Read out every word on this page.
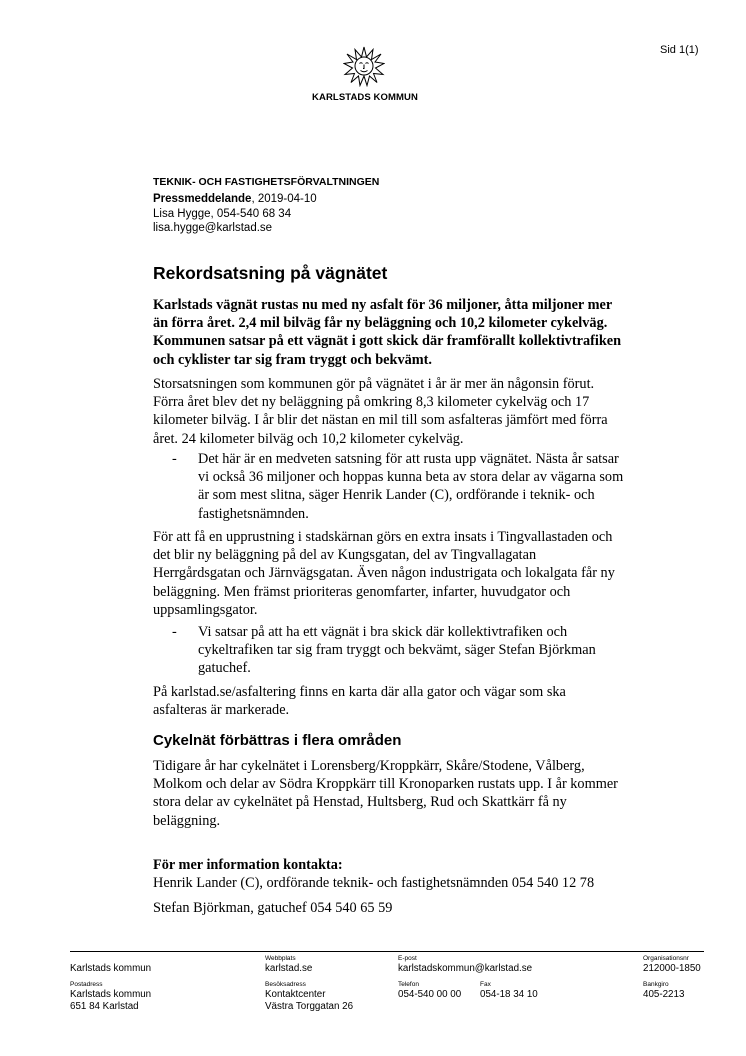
Sid 1(1)
KARLSTADS KOMMUN
TEKNIK- OCH FASTIGHETSFÖRVALTNINGEN
Pressmeddelande, 2019-04-10
Lisa Hygge, 054-540 68 34
lisa.hygge@karlstad.se
Rekordsatsning på vägnätet
Karlstads vägnät rustas nu med ny asfalt för 36 miljoner, åtta miljoner mer än förra året. 2,4 mil bilväg får ny beläggning och 10,2 kilometer cykelväg. Kommunen satsar på ett vägnät i gott skick där framförallt kollektivtrafiken och cyklister tar sig fram tryggt och bekvämt.
Storsatsningen som kommunen gör på vägnätet i år är mer än någonsin förut. Förra året blev det ny beläggning på omkring 8,3 kilometer cykelväg och 17 kilometer bilväg. I år blir det nästan en mil till som asfalteras jämfört med förra året. 24 kilometer bilväg och 10,2 kilometer cykelväg.
- Det här är en medveten satsning för att rusta upp vägnätet. Nästa år satsar vi också 36 miljoner och hoppas kunna beta av stora delar av vägarna som är som mest slitna, säger Henrik Lander (C), ordförande i teknik- och fastighetsnämnden.
För att få en upprustning i stadskärnan görs en extra insats i Tingvallastaden och det blir ny beläggning på del av Kungsgatan, del av Tingvallagatan Herrgårdsgatan och Järnvägsgatan. Även någon industrigata och lokalgata får ny beläggning. Men främst prioriteras genomfarter, infarter, huvudgator och uppsamlingsgator.
- Vi satsar på att ha ett vägnät i bra skick där kollektivtrafiken och cykeltrafiken tar sig fram tryggt och bekvämt, säger Stefan Björkman gatuchef.
På karlstad.se/asfaltering finns en karta där alla gator och vägar som ska asfalteras är markerade.
Cykelnät förbättras i flera områden
Tidigare år har cykelnätet i Lorensberg/Kroppkärr, Skåre/Stodene, Vålberg, Molkom och delar av Södra Kroppkärr till Kronoparken rustats upp. I år kommer stora delar av cykelnätet på Henstad, Hultsberg, Rud och Skattkärr få ny beläggning.
För mer information kontakta:
Henrik Lander (C), ordförande teknik- och fastighetsnämnden 054 540 12 78
Stefan Björkman, gatuchef 054 540 65 59
Karlstads kommun
Webbplats
karlstad.se
E-post
karlstadskommun@karlstad.se
Organisationsnr
212000-1850
Postadress
Karlstads kommun
651 84 Karlstad
Besöksadress
Kontaktcenter
Västra Torggatan 26
Telefon
054-540 00 00
Fax
054-18 34 10
Bankgiro
405-2213
